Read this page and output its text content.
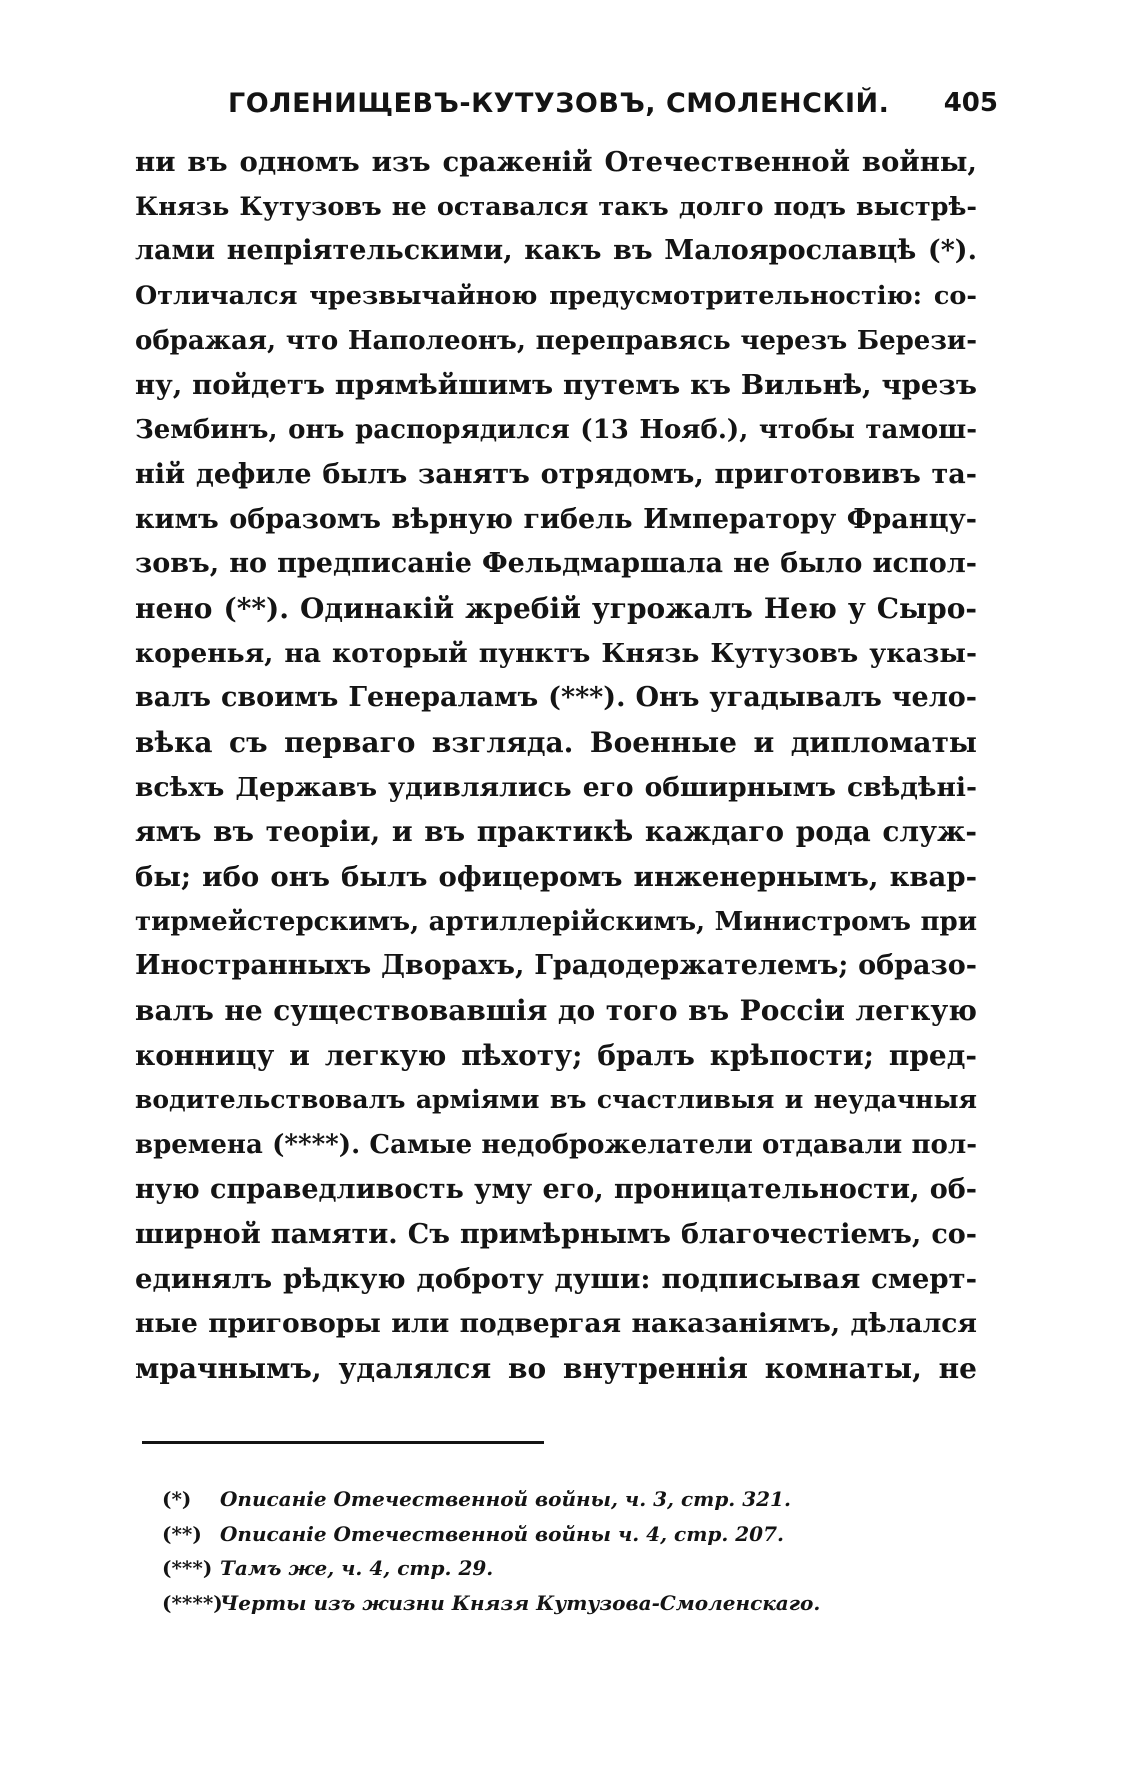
ГОЛЕНИЩЕВЪ-КУТУЗОВЪ, СМОЛЕНСКІЙ. 405
ни въ одномъ изъ сраженій Отечественной войны,
Князь Кутузовъ не оставался такъ долго подъ выстрѣ-
лами непріятельскими, какъ въ Малоярославцѣ (*).
Отличался чрезвычайною предусмотрительностію: со-
ображая, что Наполеонъ, переправясь черезъ Берези-
ну, пойдетъ прямѣйшимъ путемъ къ Вильнѣ, чрезъ
Зембинъ, онъ распорядился (13 Нояб.), чтобы тамош-
ній дефиле былъ занятъ отрядомъ, приготовивъ та-
кимъ образомъ вѣрную гибель Императору Францу-
зовъ, но предписаніе Фельдмаршала не было испол-
нено (**). Одинакій жребій угрожалъ Нею у Сыро-
коренья, на который пунктъ Князь Кутузовъ указы-
валъ своимъ Генераламъ (***). Онъ угадывалъ чело-
вѣка съ перваго взгляда. Военные и дипломаты
всѣхъ Державъ удивлялись его обширнымъ свѣдѣні-
ямъ въ теоріи, и въ практикѣ каждаго рода служ-
бы; ибо онъ былъ офицеромъ инженернымъ, квар-
тирмейстерскимъ, артиллерійскимъ, Министромъ при
Иностранныхъ Дворахъ, Градодержателемъ; образо-
валъ не существовавшія до того въ Россіи легкую
конницу и легкую пѣхоту; бралъ крѣпости; пред-
водительствовалъ арміями въ счастливыя и неудачныя
времена (****). Самые недоброжелатели отдавали пол-
ную справедливость уму его, проницательности, об-
ширной памяти. Съ примѣрнымъ благочестіемъ, со-
единялъ рѣдкую доброту души: подписывая смерт-
ные приговоры или подвергая наказаніямъ, дѣлался
мрачнымъ, удалялся во внутреннія комнаты, не
(*) Описаніе Отечественной войны, ч. 3, стр. 321.
(**) Описаніе Отечественной войны ч. 4, стр. 207.
(***) Тамъ же, ч. 4, стр. 29.
(****)Черты изъ жизни Князя Кутузова-Смоленскаго.
